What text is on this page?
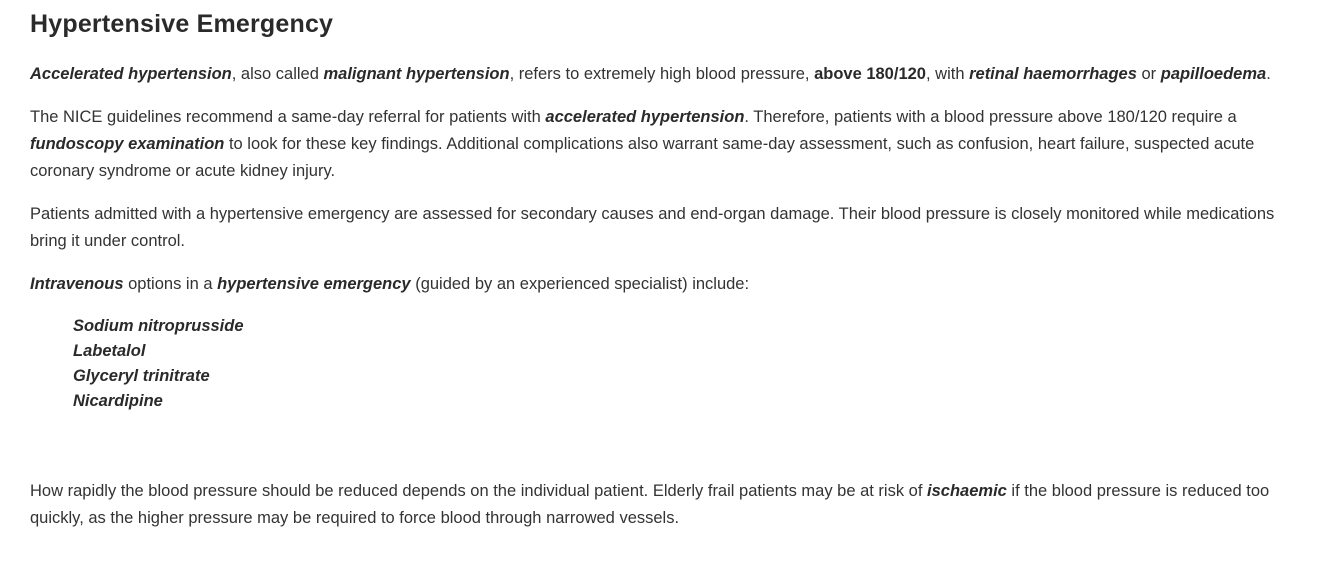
Hypertensive Emergency

Accelerated hypertension, also called malignant hypertension, refers to extremely high blood pressure, above 180/120, with retinal haemorrhages or papilloedema.

The NICE guidelines recommend a same-day referral for patients with accelerated hypertension. Therefore, patients with a blood pressure above 180/120 require a fundoscopy examination to look for these key findings. Additional complications also warrant same-day assessment, such as confusion, heart failure, suspected acute coronary syndrome or acute kidney injury.

Patients admitted with a hypertensive emergency are assessed for secondary causes and end-organ damage. Their blood pressure is closely monitored while medications bring it under control.

Intravenous options in a hypertensive emergency (guided by an experienced specialist) include:

Sodium nitroprusside
Labetalol
Glyceryl trinitrate
Nicardipine

How rapidly the blood pressure should be reduced depends on the individual patient. Elderly frail patients may be at risk of ischaemic if the blood pressure is reduced too quickly, as the higher pressure may be required to force blood through narrowed vessels.
